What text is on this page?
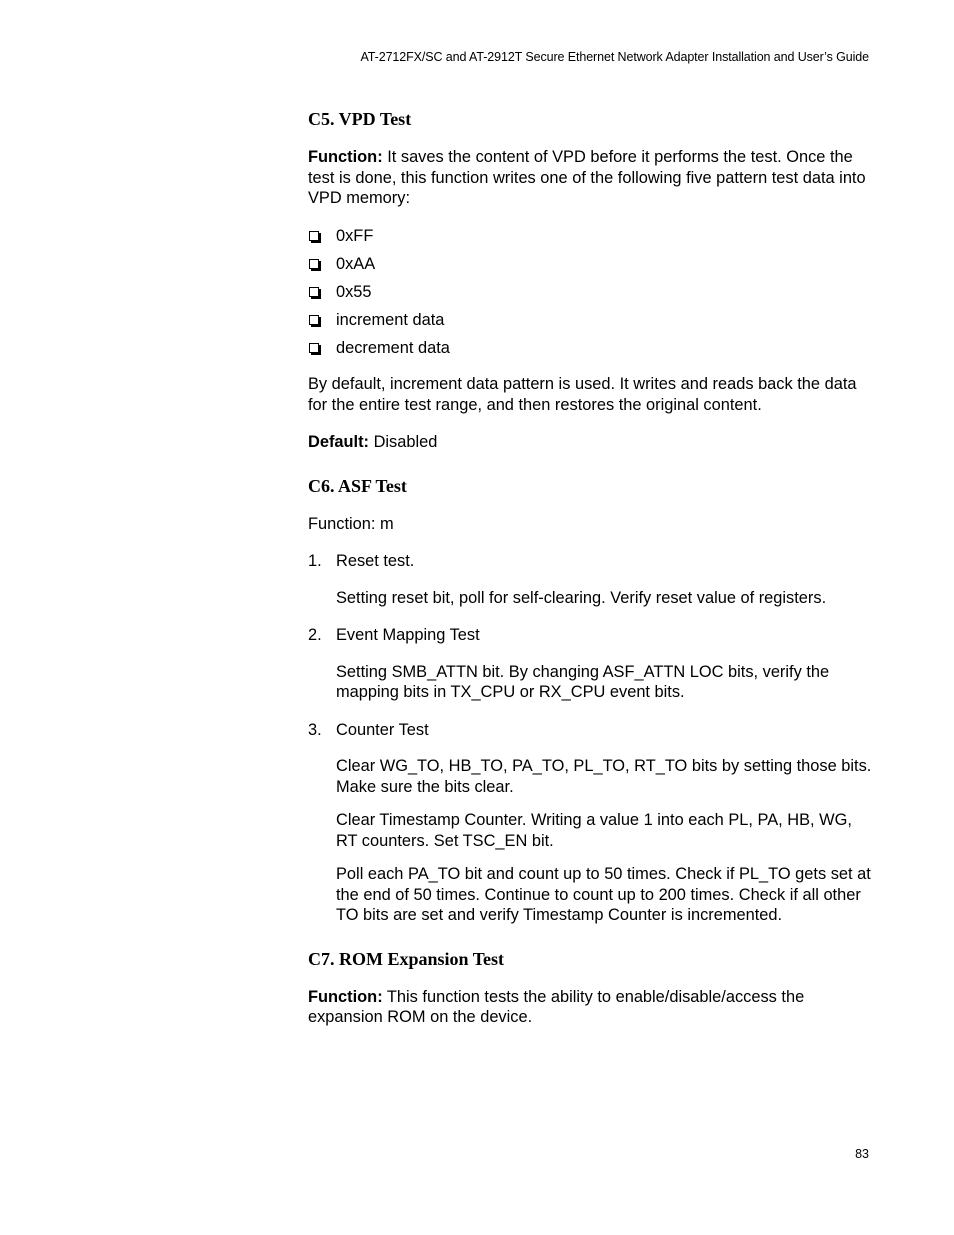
AT-2712FX/SC and AT-2912T Secure Ethernet Network Adapter Installation and User’s Guide
C5. VPD Test

Function: It saves the content of VPD before it performs the test. Once the test is done, this function writes one of the following five pattern test data into VPD memory:

0xFF
0xAA
0x55
increment data
decrement data

By default, increment data pattern is used. It writes and reads back the data for the entire test range, and then restores the original content.

Default: Disabled

C6. ASF Test

Function: m

1. Reset test.

Setting reset bit, poll for self-clearing. Verify reset value of registers.

2. Event Mapping Test

Setting SMB_ATTN bit. By changing ASF_ATTN LOC bits, verify the mapping bits in TX_CPU or RX_CPU event bits.

3. Counter Test

Clear WG_TO, HB_TO, PA_TO, PL_TO, RT_TO bits by setting those bits. Make sure the bits clear.

Clear Timestamp Counter. Writing a value 1 into each PL, PA, HB, WG, RT counters. Set TSC_EN bit.

Poll each PA_TO bit and count up to 50 times. Check if PL_TO gets set at the end of 50 times. Continue to count up to 200 times. Check if all other TO bits are set and verify Timestamp Counter is incremented.

C7. ROM Expansion Test

Function: This function tests the ability to enable/disable/access the expansion ROM on the device.

83
